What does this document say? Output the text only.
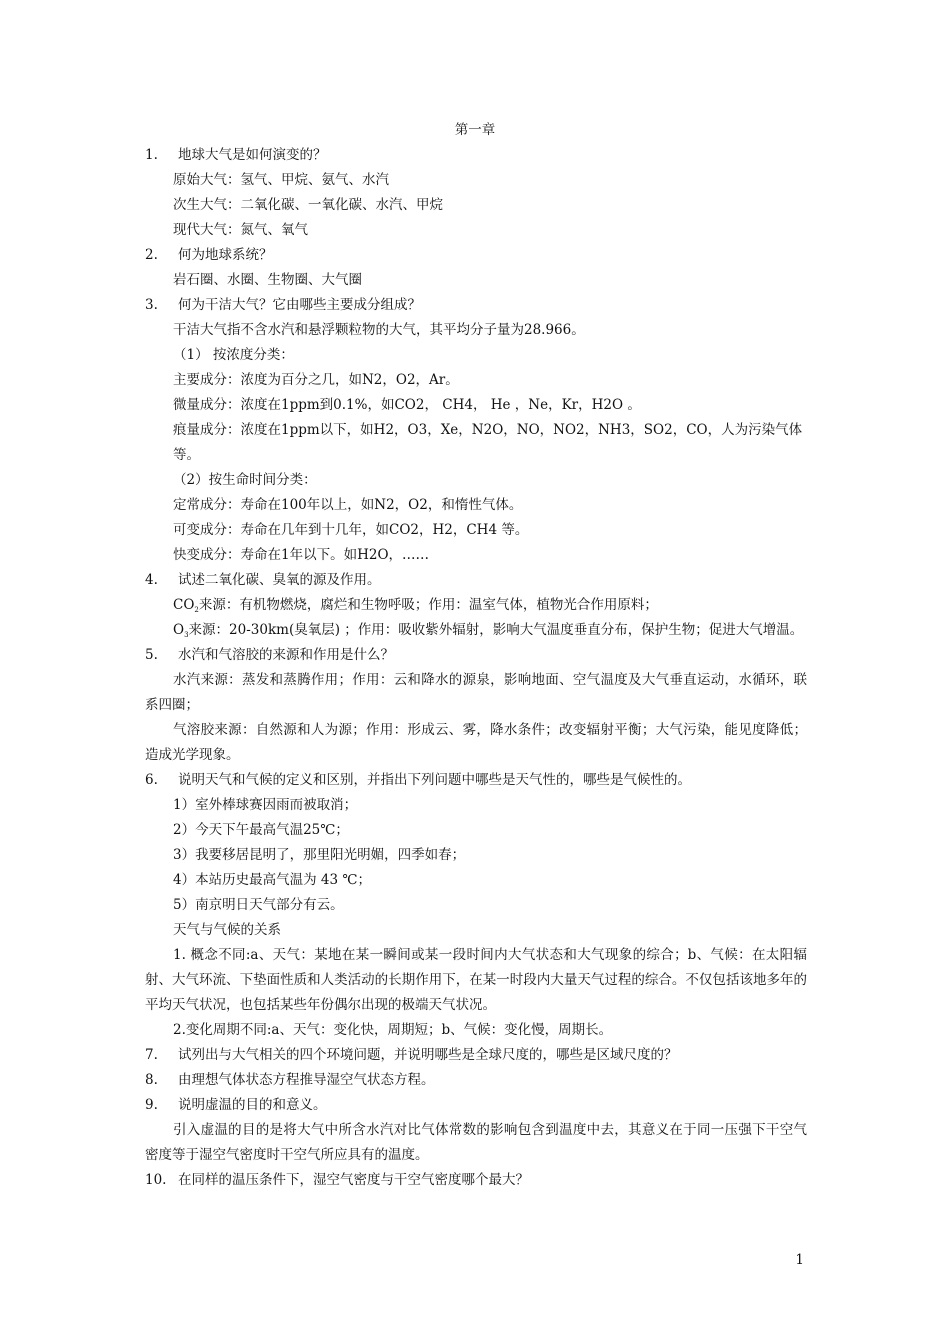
第一章
1.	地球大气是如何演变的？
原始大气：氢气、甲烷、氨气、水汽
次生大气：二氧化碳、一氧化碳、水汽、甲烷
现代大气：氮气、氧气
2.	何为地球系统？
岩石圈、水圈、生物圈、大气圈
3.	何为干洁大气？它由哪些主要成分组成？
干洁大气指不含水汽和悬浮颗粒物的大气，其平均分子量为28.966。
（1） 按浓度分类：
主要成分：浓度为百分之几，如N2，O2，Ar。
微量成分：浓度在1ppm到0.1%，如CO2， CH4， He ，Ne，Kr，H2O 。
痕量成分：浓度在1ppm以下，如H2，O3，Xe，N2O，NO，NO2，NH3，SO2，CO，人为污染气体等。
（2）按生命时间分类：
定常成分：寿命在100年以上，如N2，O2，和惰性气体。
可变成分：寿命在几年到十几年，如CO2，H2，CH4 等。
快变成分：寿命在1年以下。如H2O，……
4.	试述二氧化碳、臭氧的源及作用。
$CO_2$来源：有机物燃烧，腐烂和生物呼吸；作用：温室气体，植物光合作用原料；
$O_3$来源：20-30km(臭氧层) ；作用：吸收紫外辐射，影响大气温度垂直分布，保护生物；促进大气增温。
5.	水汽和气溶胶的来源和作用是什么？
水汽来源：蒸发和蒸腾作用；作用：云和降水的源泉，影响地面、空气温度及大气垂直运动，水循环，联系四圈；
气溶胶来源：自然源和人为源；作用：形成云、雾，降水条件；改变辐射平衡；大气污染，能见度降低；造成光学现象。
6.	说明天气和气候的定义和区别，并指出下列问题中哪些是天气性的，哪些是气候性的。
1）室外棒球赛因雨而被取消；
2）今天下午最高气温25℃；
3）我要移居昆明了，那里阳光明媚，四季如春；
4）本站历史最高气温为 43 ℃；
5）南京明日天气部分有云。
天气与气候的关系
1. 概念不同:a、天气：某地在某一瞬间或某一段时间内大气状态和大气现象的综合；b、气候：在太阳辐射、大气环流、下垫面性质和人类活动的长期作用下，在某一时段内大量天气过程的综合。不仅包括该地多年的平均天气状况，也包括某些年份偶尔出现的极端天气状况。
2.变化周期不同:a、天气：变化快，周期短；b、气候：变化慢，周期长。
7.	试列出与大气相关的四个环境问题，并说明哪些是全球尺度的，哪些是区域尺度的？
8.	由理想气体状态方程推导湿空气状态方程。
9.	说明虚温的目的和意义。
引入虚温的目的是将大气中所含水汽对比气体常数的影响包含到温度中去，其意义在于同一压强下干空气密度等于湿空气密度时干空气所应具有的温度。
10. 在同样的温压条件下，湿空气密度与干空气密度哪个最大？
1
